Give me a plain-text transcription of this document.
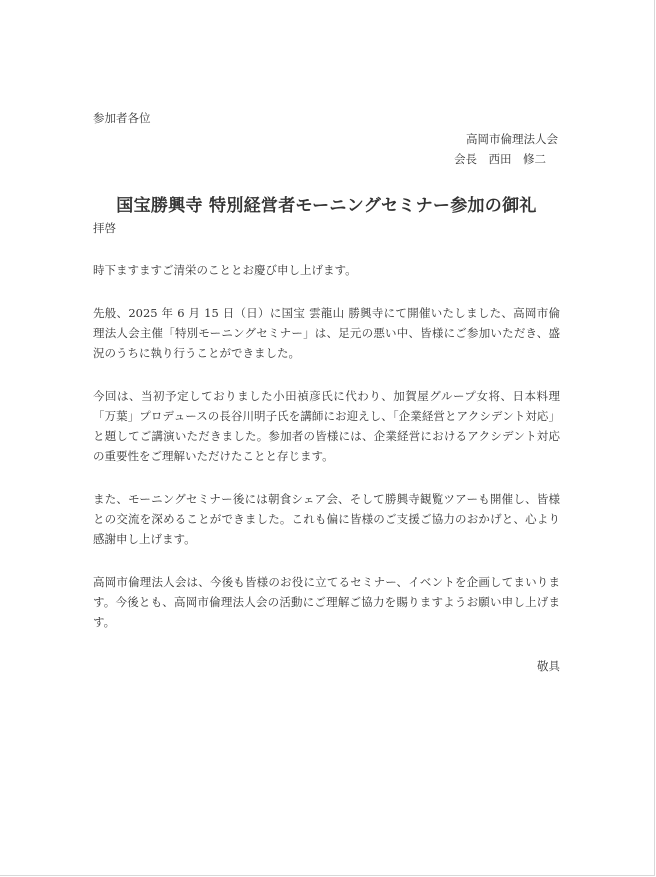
参加者各位

高岡市倫理法人会
会長　西田　修二
国宝勝興寺 特別経営者モーニングセミナー参加の御礼

拝啓

時下ますますご清栄のこととお慶び申し上げます。

先般、2025 年 6 月 15 日（日）に国宝 雲龍山 勝興寺にて開催いたしました、高岡市倫理法人会主催「特別モーニングセミナー」は、足元の悪い中、皆様にご参加いただき、盛況のうちに執り行うことができました。

今回は、当初予定しておりました小田禎彦氏に代わり、加賀屋グループ女将、日本料理「万葉」プロデュースの長谷川明子氏を講師にお迎えし、「企業経営とアクシデント対応」と題してご講演いただきました。参加者の皆様には、企業経営におけるアクシデント対応の重要性をご理解いただけたことと存じます。

また、モーニングセミナー後には朝食シェア会、そして勝興寺観覧ツアーも開催し、皆様との交流を深めることができました。これも偏に皆様のご支援ご協力のおかげと、心より感謝申し上げます。

高岡市倫理法人会は、今後も皆様のお役に立てるセミナー、イベントを企画してまいります。今後とも、高岡市倫理法人会の活動にご理解ご協力を賜りますようお願い申し上げます。

敬具
